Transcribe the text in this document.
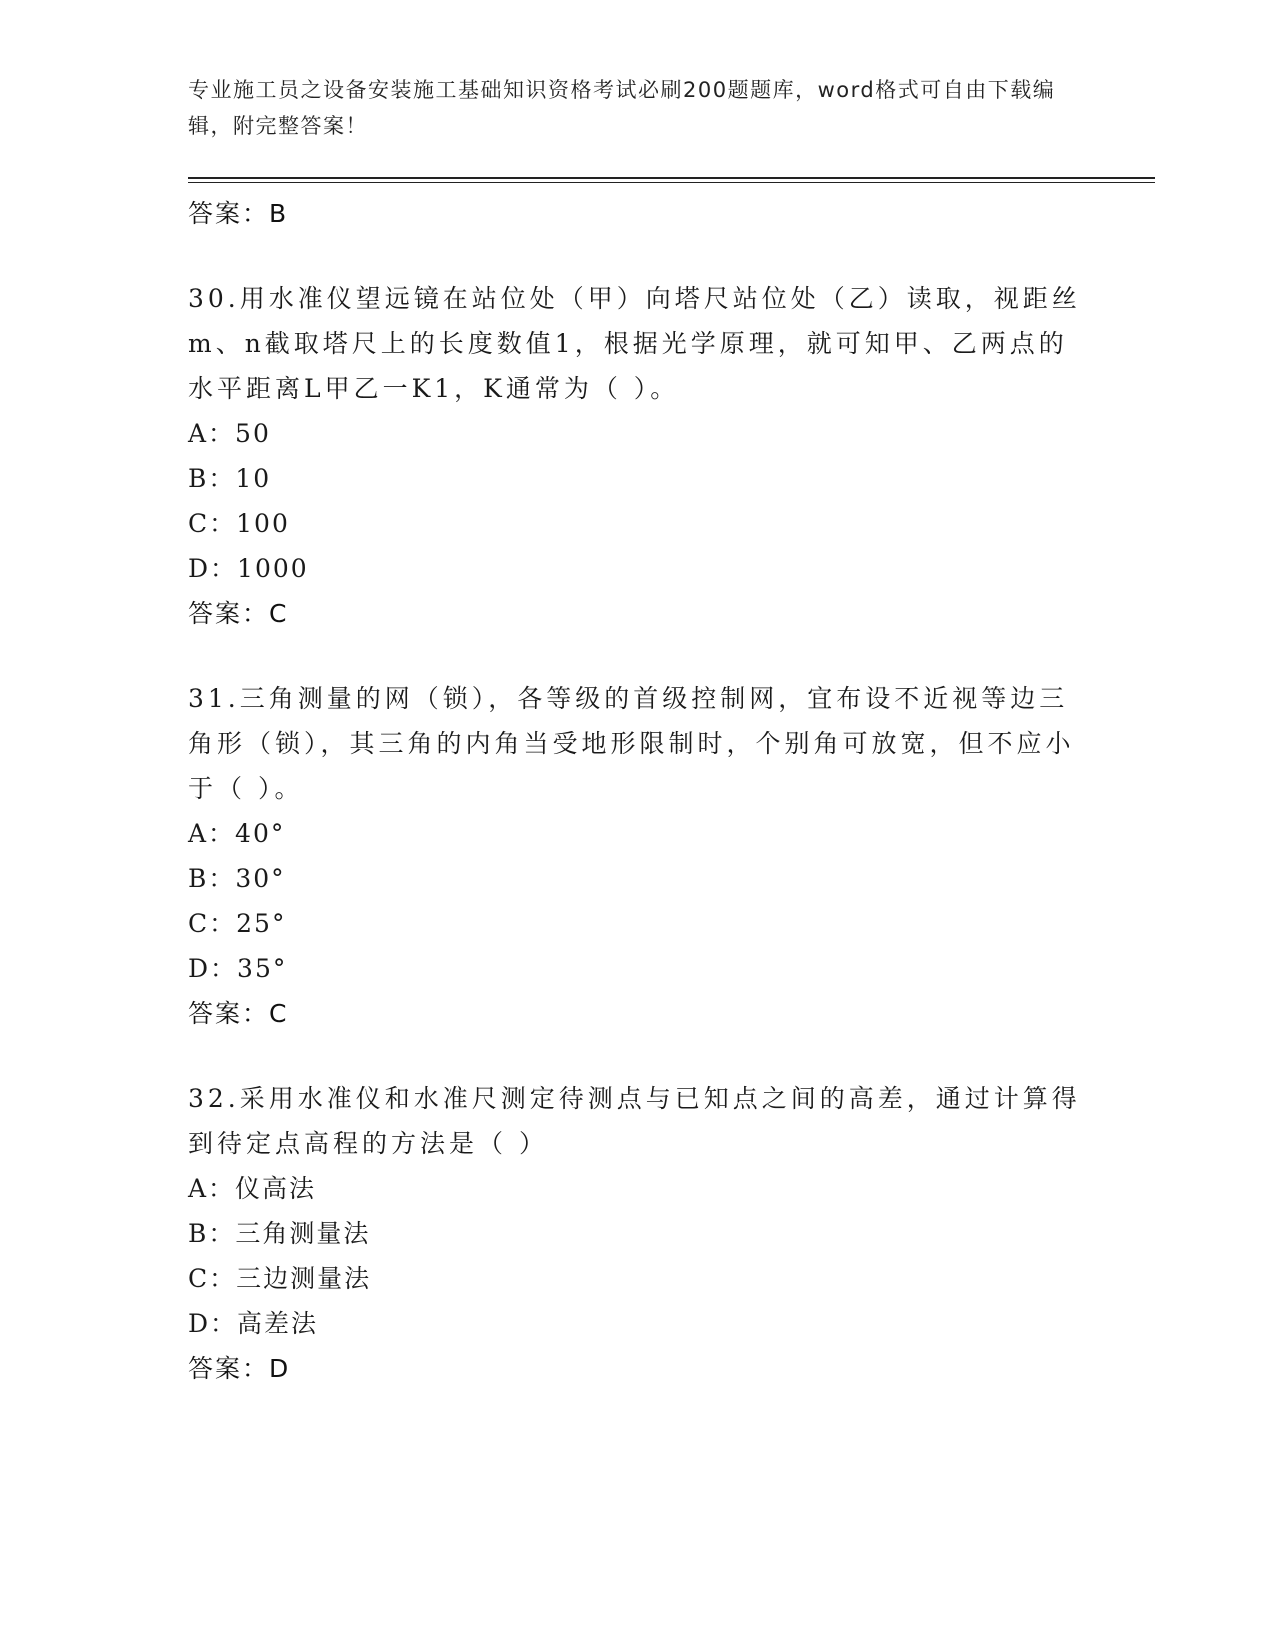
专业施工员之设备安装施工基础知识资格考试必刷200题题库，word格式可自由下载编辑，附完整答案！
答案：B
30.用水准仪望远镜在站位处（甲）向塔尺站位处（乙）读取，视距丝m、n截取塔尺上的长度数值1，根据光学原理，就可知甲、乙两点的水平距离L甲乙一K1，K通常为（ ）。
A：50
B：10
C：100
D：1000
答案：C
31.三角测量的网（锁），各等级的首级控制网，宜布设不近视等边三角形（锁），其三角的内角当受地形限制时，个别角可放宽，但不应小于（ ）。
A：40°
B：30°
C：25°
D：35°
答案：C
32.采用水准仪和水准尺测定待测点与已知点之间的高差，通过计算得到待定点高程的方法是（ ）
A：仪高法
B：三角测量法
C：三边测量法
D：高差法
答案：D
